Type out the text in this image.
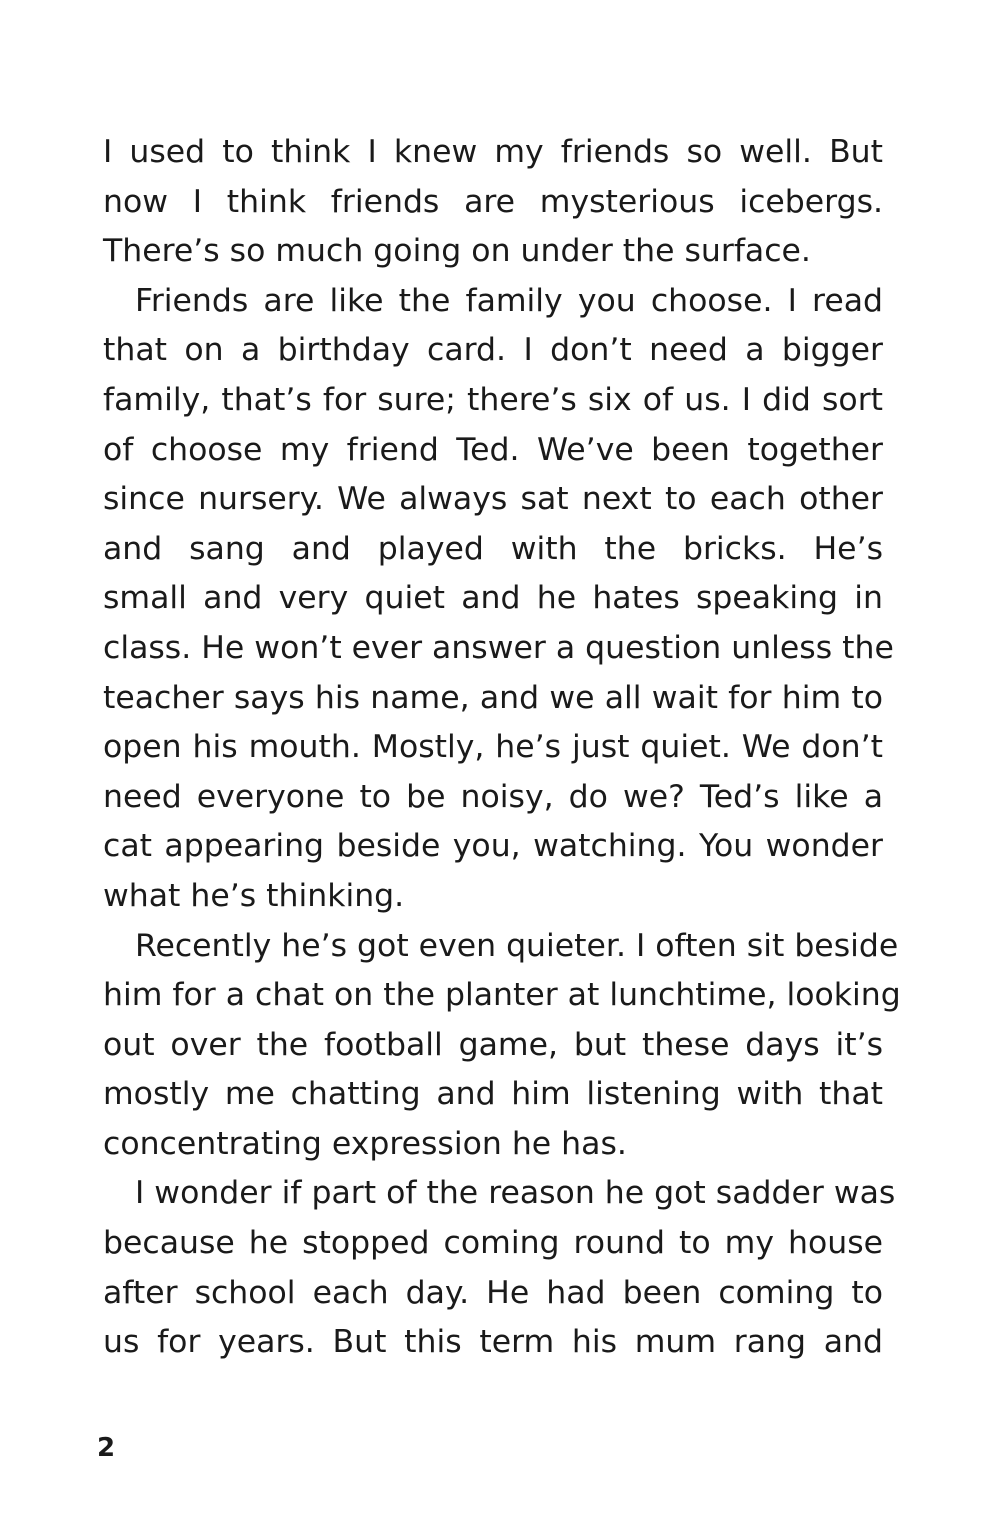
I used to think I knew my friends so well. But
now I think friends are mysterious icebergs.
There’s so much going on under the surface.
Friends are like the family you choose. I read
that on a birthday card. I don’t need a bigger
family, that’s for sure; there’s six of us. I did sort
of choose my friend Ted. We’ve been together
since nursery. We always sat next to each other
and sang and played with the bricks. He’s
small and very quiet and he hates speaking in
class. He won’t ever answer a question unless the
teacher says his name, and we all wait for him to
open his mouth. Mostly, he’s just quiet. We don’t
need everyone to be noisy, do we? Ted’s like a
cat appearing beside you, watching. You wonder
what he’s thinking.
Recently he’s got even quieter. I often sit beside
him for a chat on the planter at lunchtime, looking
out over the football game, but these days it’s
mostly me chatting and him listening with that
concentrating expression he has.
I wonder if part of the reason he got sadder was
because he stopped coming round to my house
after school each day. He had been coming to
us for years. But this term his mum rang and
2
